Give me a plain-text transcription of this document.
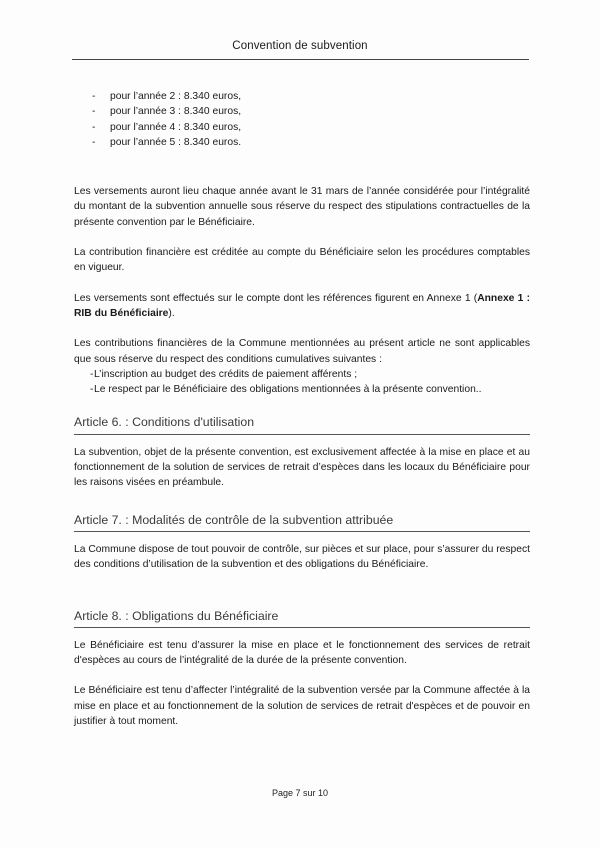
Convention de subvention
- pour l’année 2 : 8.340 euros,
- pour l’année 3 : 8.340 euros,
- pour l’année 4 : 8.340 euros,
- pour l’année 5 : 8.340 euros.

Les versements auront lieu chaque année avant le 31 mars de l’année considérée pour l’intégralité du montant de la subvention annuelle sous réserve du respect des stipulations contractuelles de la présente convention par le Bénéficiaire.

La contribution financière est créditée au compte du Bénéficiaire selon les procédures comptables en vigueur.

Les versements sont effectués sur le compte dont les références figurent en Annexe 1 (Annexe 1 : RIB du Bénéficiaire).

Les contributions financières de la Commune mentionnées au présent article ne sont applicables que sous réserve du respect des conditions cumulatives suivantes :

- L’inscription au budget des crédits de paiement afférents ;
- Le respect par le Bénéficiaire des obligations mentionnées à la présente convention..
Article 6. : Conditions d'utilisation

La subvention, objet de la présente convention, est exclusivement affectée à la mise en place et au fonctionnement de la solution de services de retrait d’espèces dans les locaux du Bénéficiaire pour les raisons visées en préambule.

Article 7. : Modalités de contrôle de la subvention attribuée

La Commune dispose de tout pouvoir de contrôle, sur pièces et sur place, pour s’assurer du respect des conditions d’utilisation de la subvention et des obligations du Bénéficiaire.

Article 8. : Obligations du Bénéficiaire

Le Bénéficiaire est tenu d’assurer la mise en place et le fonctionnement des services de retrait d'espèces au cours de l’intégralité de la durée de la présente convention.

Le Bénéficiaire est tenu d’affecter l’intégralité de la subvention versée par la Commune affectée à la mise en place et au fonctionnement de la solution de services de retrait d'espèces et de pouvoir en justifier à tout moment.

Page 7 sur 10
